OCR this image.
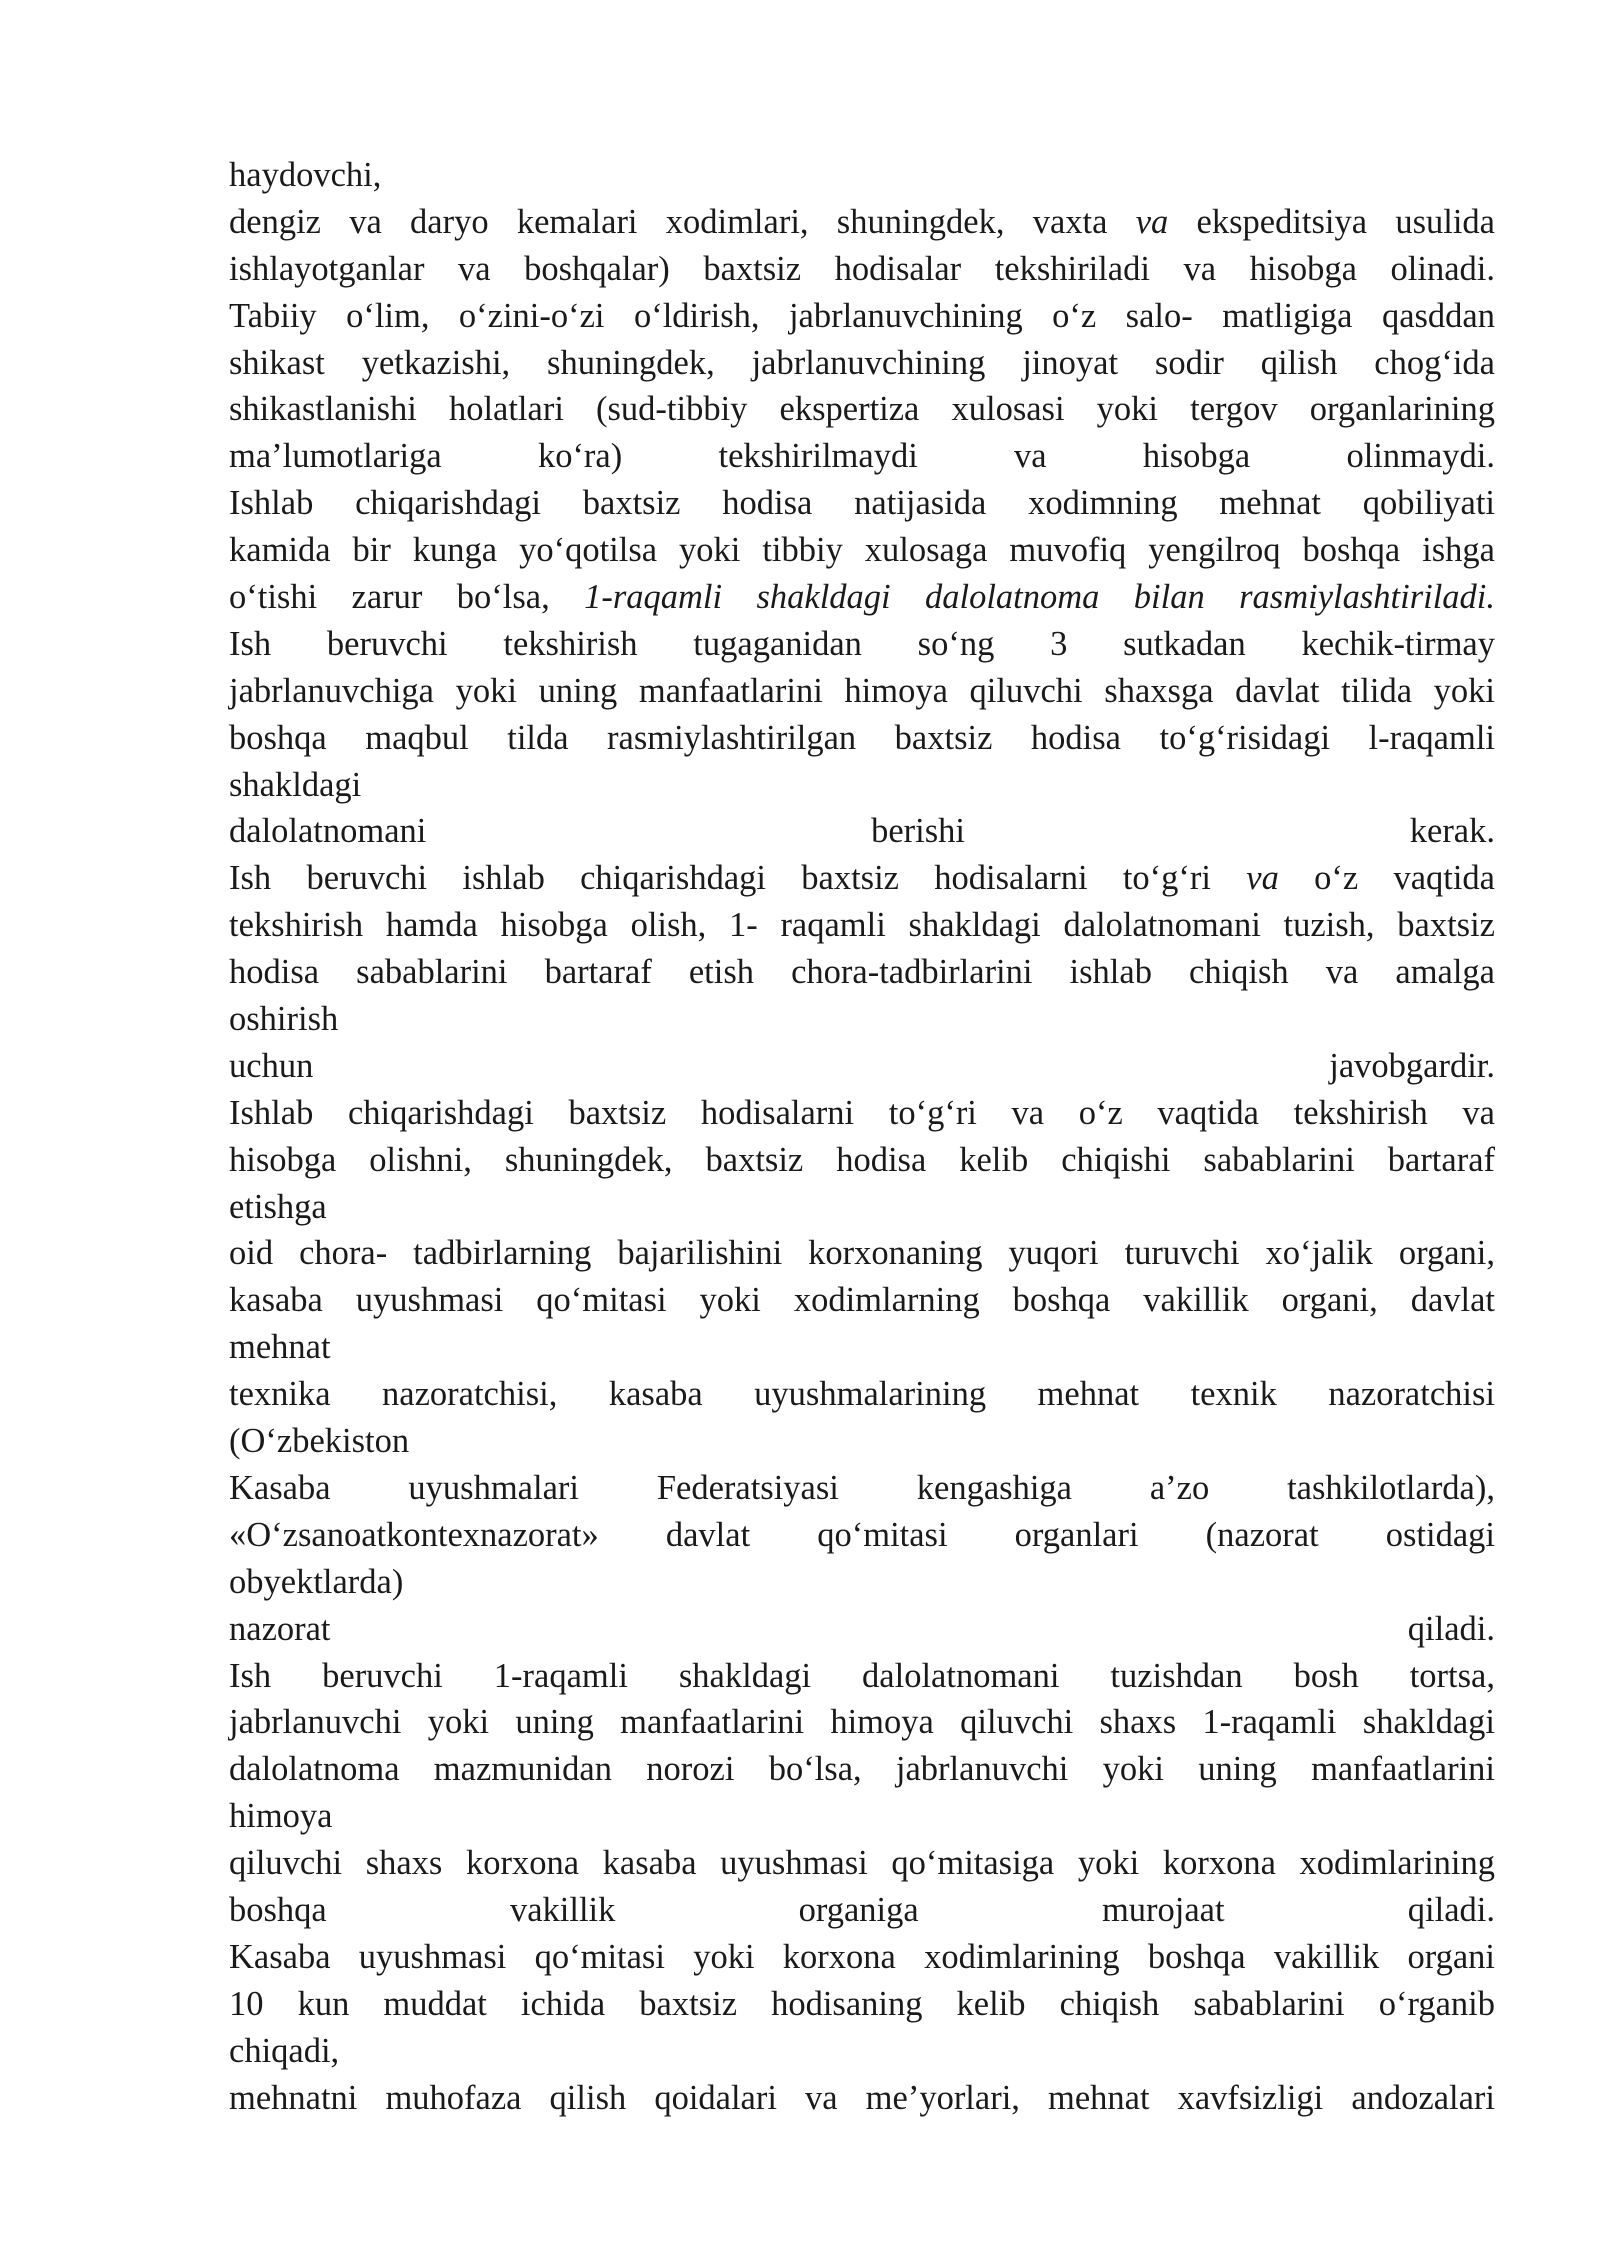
haydovchi,
dengiz va daryo kemalari xodimlari, shuningdek, vaxta va ekspeditsiya usulida
ishlayotganlar va boshqalar) baxtsiz hodisalar tekshiriladi va hisobga olinadi.
Tabiiy o‘lim, o‘zini-o‘zi o‘ldirish, jabrlanuvchining o‘z salo- matligiga qasddan
shikast yetkazishi, shuningdek, jabrlanuvchining jinoyat sodir qilish chog‘ida
shikastlanishi holatlari (sud-tibbiy ekspertiza xulosasi yoki tergov organlarining
ma’lumotlariga ko‘ra) tekshirilmaydi va hisobga olinmaydi.
Ishlab chiqarishdagi baxtsiz hodisa natijasida xodimning mehnat qobiliyati
kamida bir kunga yo‘qotilsa yoki tibbiy xulosaga muvofiq yengilroq boshqa ishga
o‘tishi zarur bo‘lsa, 1-raqamli shakldagi dalolatnoma bilan rasmiylashtiriladi.
Ish beruvchi tekshirish tugaganidan so‘ng 3 sutkadan kechik-tirmay
jabrlanuvchiga yoki uning manfaatlarini himoya qiluvchi shaxsga davlat tilida yoki
boshqa maqbul tilda rasmiylashtirilgan baxtsiz hodisa to‘g‘risidagi l-raqamli
shakldagi
dalolatnomani	berishi	kerak.
Ish beruvchi ishlab chiqarishdagi baxtsiz hodisalarni to‘g‘ri va o‘z vaqtida
tekshirish hamda hisobga olish, 1- raqamli shakldagi dalolatnomani tuzish, baxtsiz
hodisa sabablarini bartaraf etish chora-tadbirlarini ishlab chiqish va amalga
oshirish
uchun	javobgardir.
Ishlab chiqarishdagi baxtsiz hodisalarni to‘g‘ri va o‘z vaqtida tekshirish va
hisobga olishni, shuningdek, baxtsiz hodisa kelib chiqishi sabablarini bartaraf
etishga
oid chora- tadbirlarning bajarilishini korxonaning yuqori turuvchi xo‘jalik organi,
kasaba uyushmasi qo‘mitasi yoki xodimlarning boshqa vakillik organi, davlat
mehnat
texnika nazoratchisi, kasaba uyushmalarining mehnat texnik nazoratchisi
(O‘zbekiston
Kasaba uyushmalari Federatsiyasi kengashiga a’zo tashkilotlarda),
«O‘zsanoatkontexnazorat» davlat qo‘mitasi organlari (nazorat ostidagi
obyektlarda)
nazorat	qiladi.
Ish beruvchi 1-raqamli shakldagi dalolatnomani tuzishdan bosh tortsa,
jabrlanuvchi yoki uning manfaatlarini himoya qiluvchi shaxs 1-raqamli shakldagi
dalolatnoma mazmunidan norozi bo‘lsa, jabrlanuvchi yoki uning manfaatlarini
himoya
qiluvchi shaxs korxona kasaba uyushmasi qo‘mitasiga yoki korxona xodimlarining
boshqa	vakillik	organiga	murojaat	qiladi.
Kasaba uyushmasi qo‘mitasi yoki korxona xodimlarining boshqa vakillik organi
10 kun muddat ichida baxtsiz hodisaning kelib chiqish sabablarini o‘rganib
chiqadi,
mehnatni muhofaza qilish qoidalari va me’yorlari, mehnat xavfsizligi andozalari
